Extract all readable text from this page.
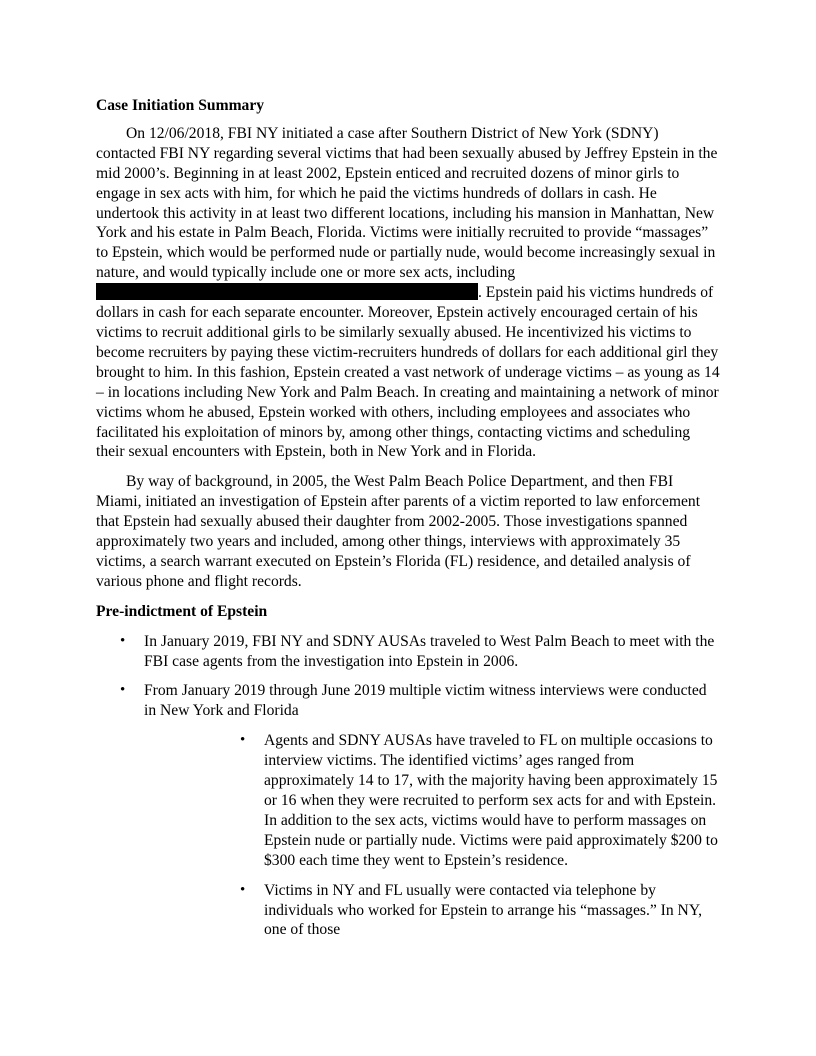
Case Initiation Summary

On 12/06/2018, FBI NY initiated a case after Southern District of New York (SDNY) contacted FBI NY regarding several victims that had been sexually abused by Jeffrey Epstein in the mid 2000’s. Beginning in at least 2002, Epstein enticed and recruited dozens of minor girls to engage in sex acts with him, for which he paid the victims hundreds of dollars in cash. He undertook this activity in at least two different locations, including his mansion in Manhattan, New York and his estate in Palm Beach, Florida. Victims were initially recruited to provide “massages” to Epstein, which would be performed nude or partially nude, would become increasingly sexual in nature, and would typically include one or more sex acts, including . Epstein paid his victims hundreds of dollars in cash for each separate encounter. Moreover, Epstein actively encouraged certain of his victims to recruit additional girls to be similarly sexually abused. He incentivized his victims to become recruiters by paying these victim-recruiters hundreds of dollars for each additional girl they brought to him. In this fashion, Epstein created a vast network of underage victims – as young as 14 – in locations including New York and Palm Beach. In creating and maintaining a network of minor victims whom he abused, Epstein worked with others, including employees and associates who facilitated his exploitation of minors by, among other things, contacting victims and scheduling their sexual encounters with Epstein, both in New York and in Florida.

By way of background, in 2005, the West Palm Beach Police Department, and then FBI Miami, initiated an investigation of Epstein after parents of a victim reported to law enforcement that Epstein had sexually abused their daughter from 2002-2005. Those investigations spanned approximately two years and included, among other things, interviews with approximately 35 victims, a search warrant executed on Epstein’s Florida (FL) residence, and detailed analysis of various phone and flight records.

Pre-indictment of Epstein

• In January 2019, FBI NY and SDNY AUSAs traveled to West Palm Beach to meet with the FBI case agents from the investigation into Epstein in 2006.
• From January 2019 through June 2019 multiple victim witness interviews were conducted in New York and Florida
• Agents and SDNY AUSAs have traveled to FL on multiple occasions to interview victims. The identified victims’ ages ranged from approximately 14 to 17, with the majority having been approximately 15 or 16 when they were recruited to perform sex acts for and with Epstein. In addition to the sex acts, victims would have to perform massages on Epstein nude or partially nude. Victims were paid approximately $200 to $300 each time they went to Epstein’s residence.
• Victims in NY and FL usually were contacted via telephone by individuals who worked for Epstein to arrange his “massages.” In NY, one of those
